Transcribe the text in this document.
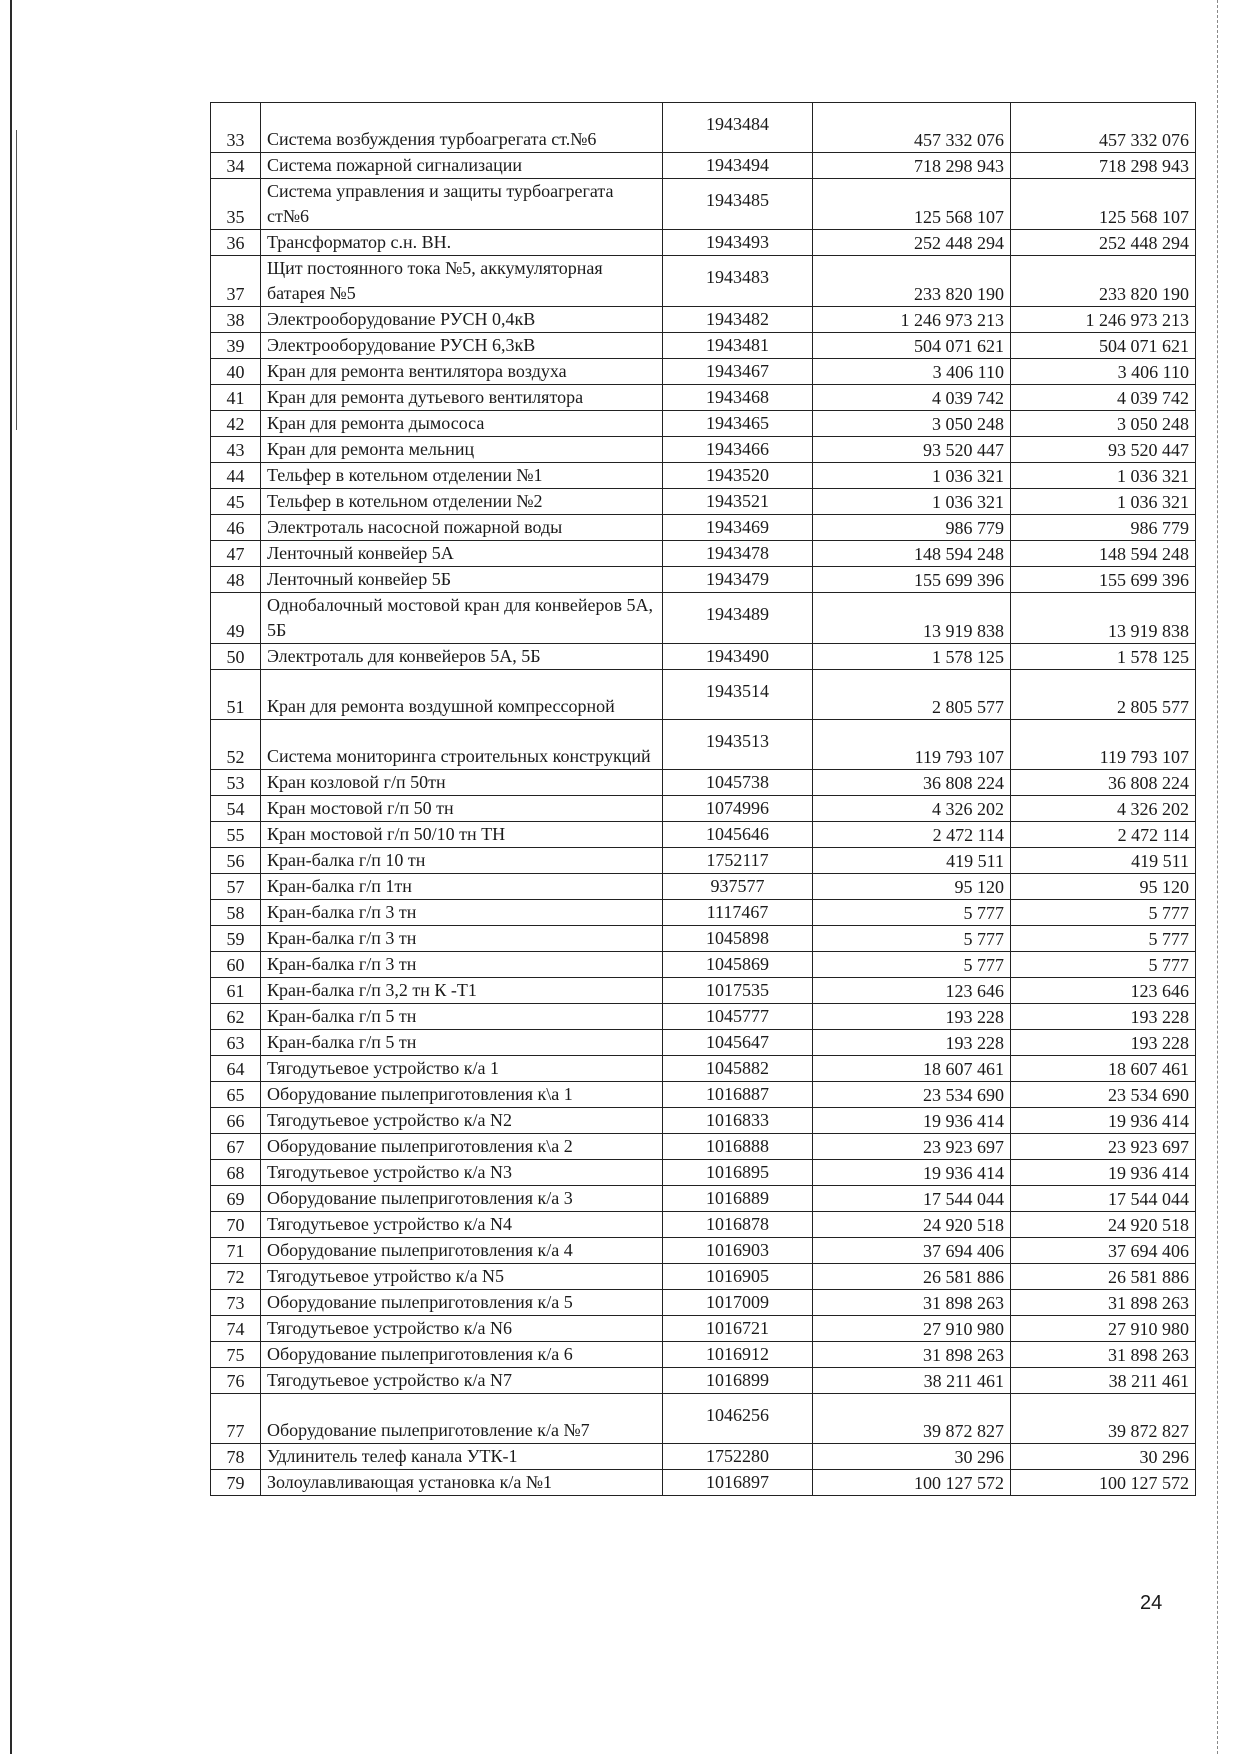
33	Система возбуждения турбоагрегата ст.№6	1943484	457 332 076	457 332 076
34	Система пожарной сигнализации	1943494	718 298 943	718 298 943
35	Система управления и защиты турбоагрегата ст№6	1943485	125 568 107	125 568 107
36	Трансформатор с.н. ВН.	1943493	252 448 294	252 448 294
37	Щит постоянного тока №5, аккумуляторная батарея №5	1943483	233 820 190	233 820 190
38	Электрооборудование РУСН 0,4кВ	1943482	1 246 973 213	1 246 973 213
39	Электрооборудование РУСН 6,3кВ	1943481	504 071 621	504 071 621
40	Кран для ремонта вентилятора воздуха	1943467	3 406 110	3 406 110
41	Кран для ремонта дутьевого вентилятора	1943468	4 039 742	4 039 742
42	Кран для ремонта дымососа	1943465	3 050 248	3 050 248
43	Кран для ремонта мельниц	1943466	93 520 447	93 520 447
44	Тельфер в котельном отделении №1	1943520	1 036 321	1 036 321
45	Тельфер в котельном отделении №2	1943521	1 036 321	1 036 321
46	Электроталь насосной пожарной воды	1943469	986 779	986 779
47	Ленточный конвейер 5А	1943478	148 594 248	148 594 248
48	Ленточный конвейер 5Б	1943479	155 699 396	155 699 396
49	Однобалочный мостовой кран для конвейеров 5А, 5Б	1943489	13 919 838	13 919 838
50	Электроталь для конвейеров 5А, 5Б	1943490	1 578 125	1 578 125
51	Кран для ремонта воздушной компрессорной	1943514	2 805 577	2 805 577
52	Система мониторинга строительных конструкций	1943513	119 793 107	119 793 107
53	Кран козловой г/п 50тн	1045738	36 808 224	36 808 224
54	Кран мостовой г/п 50 тн	1074996	4 326 202	4 326 202
55	Кран мостовой г/п 50/10 тн ТН	1045646	2 472 114	2 472 114
56	Кран-балка г/п 10 тн	1752117	419 511	419 511
57	Кран-балка г/п 1тн	937577	95 120	95 120
58	Кран-балка г/п 3 тн	1117467	5 777	5 777
59	Кран-балка г/п 3 тн	1045898	5 777	5 777
60	Кран-балка г/п 3 тн	1045869	5 777	5 777
61	Кран-балка г/п 3,2 тн К -Т1	1017535	123 646	123 646
62	Кран-балка г/п 5 тн	1045777	193 228	193 228
63	Кран-балка г/п 5 тн	1045647	193 228	193 228
64	Тягодутьевое устройство к/а 1	1045882	18 607 461	18 607 461
65	Оборудование пылеприготовления к\а 1	1016887	23 534 690	23 534 690
66	Тягодутьевое устройство к/а N2	1016833	19 936 414	19 936 414
67	Оборудование пылеприготовления к\а 2	1016888	23 923 697	23 923 697
68	Тягодутьевое устройство к/а N3	1016895	19 936 414	19 936 414
69	Оборудование пылеприготовления к/а 3	1016889	17 544 044	17 544 044
70	Тягодутьевое устройство к/а N4	1016878	24 920 518	24 920 518
71	Оборудование пылеприготовления к/а 4	1016903	37 694 406	37 694 406
72	Тягодутьевое утройство к/а N5	1016905	26 581 886	26 581 886
73	Оборудование пылеприготовления к/а 5	1017009	31 898 263	31 898 263
74	Тягодутьевое устройство к/а N6	1016721	27 910 980	27 910 980
75	Оборудование пылеприготовления к/а 6	1016912	31 898 263	31 898 263
76	Тягодутьевое устройство к/а N7	1016899	38 211 461	38 211 461
77	Оборудование пылеприготовление к/а №7	1046256	39 872 827	39 872 827
78	Удлинитель телеф канала УТК-1	1752280	30 296	30 296
79	Золоулавливающая установка к/а №1	1016897	100 127 572	100 127 572
24
